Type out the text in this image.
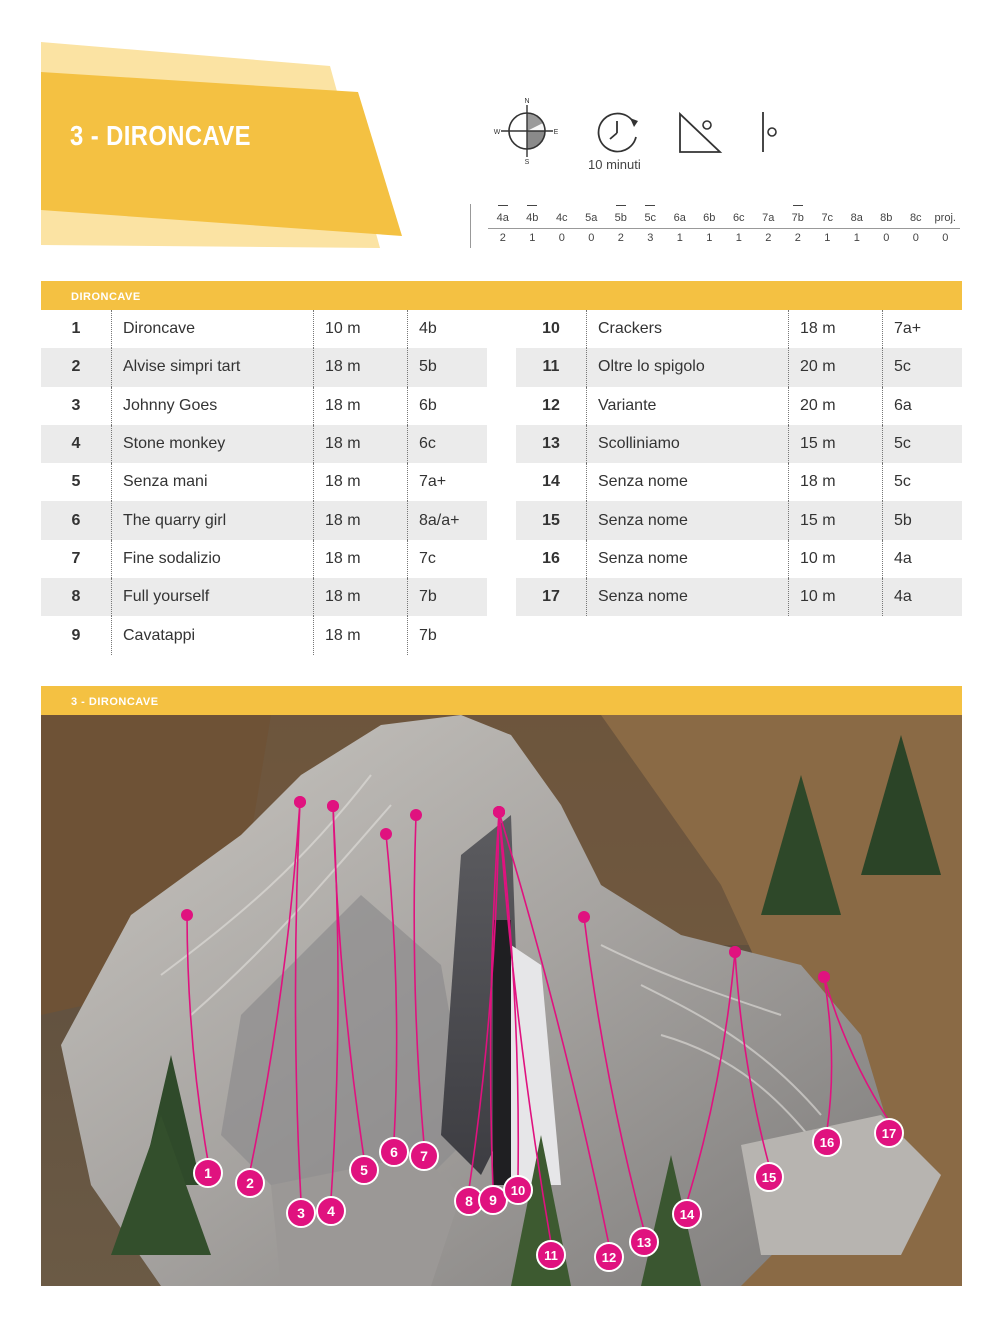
3 - DIRONCAVE
N
S
W	E
10 minuti
4a	4b	4c	5a	5b	5c	6a	6b	6c	7a	7b	7c	8a	8b	8c	proj.
2	1	0	0	2	3	1	1	1	2	2	1	1	0	0	0
DIRONCAVE
1	Dironcave	10 m	4b
2	Alvise simpri tart	18 m	5b
3	Johnny Goes	18 m	6b
4	Stone monkey	18 m	6c
5	Senza mani	18 m	7a+
6	The quarry girl	18 m	8a/a+
7	Fine sodalizio	18 m	7c
8	Full yourself	18 m	7b
9	Cavatappi	18 m	7b
10	Crackers	18 m	7a+
11	Oltre lo spigolo	20 m	5c
12	Variante	20 m	6a
13	Scolliniamo	15 m	5c
14	Senza nome	18 m	5c
15	Senza nome	15 m	5b
16	Senza nome	10 m	4a
17	Senza nome	10 m	4a
3 - DIRONCAVE
1
2
3 4
5
6 7
8 9
10
11	12
13
14
15
16
17
